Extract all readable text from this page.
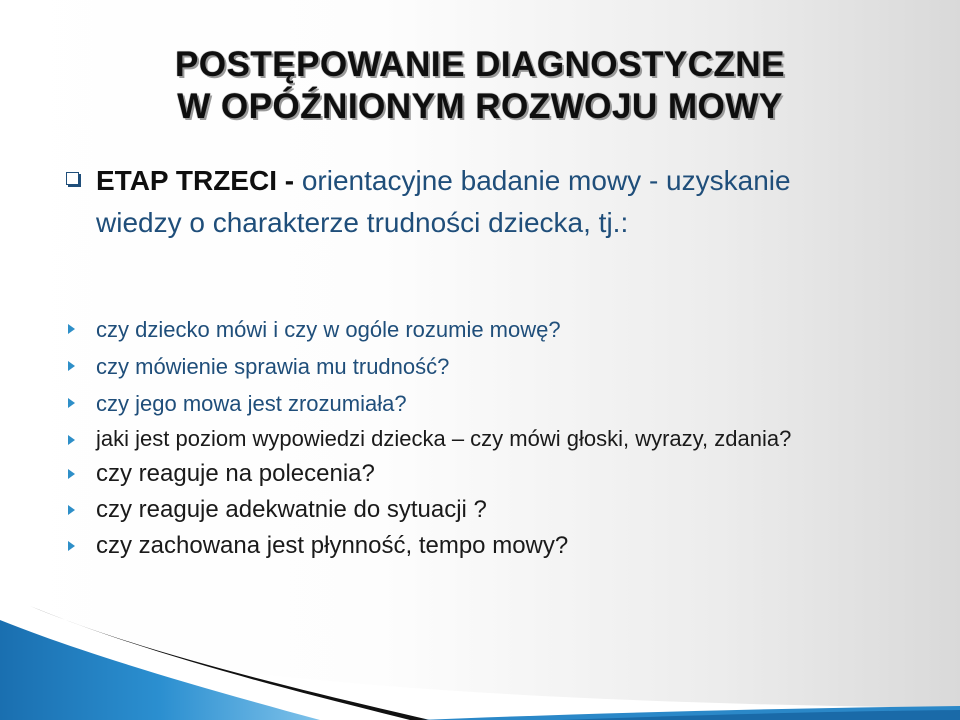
POSTĘPOWANIE DIAGNOSTYCZNE
W OPÓŹNIONYM ROZWOJU MOWY
ETAP TRZECI - orientacyjne badanie mowy - uzyskanie wiedzy o charakterze trudności dziecka, tj.:
czy dziecko mówi i czy w ogóle rozumie mowę?
czy mówienie sprawia mu trudność?
czy jego mowa jest zrozumiała?
jaki jest poziom wypowiedzi dziecka – czy mówi głoski, wyrazy, zdania?
czy reaguje na polecenia?
czy reaguje adekwatnie do sytuacji ?
czy zachowana jest płynność, tempo mowy?
